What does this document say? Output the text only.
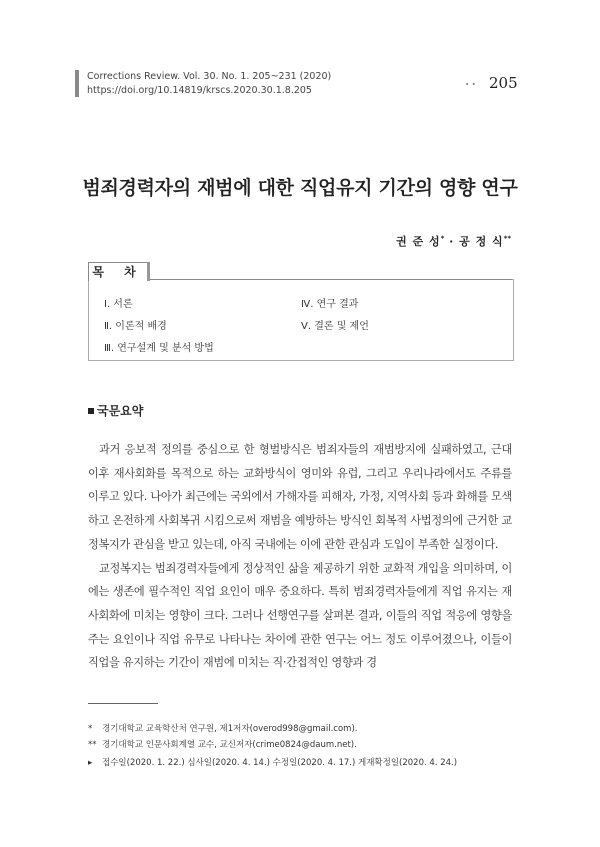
Corrections Review. Vol. 30. No. 1. 205~231 (2020)
https://doi.org/10.14819/krscs.2020.30.1.8.205
∙ ∙ 205
범죄경력자의 재범에 대한 직업유지 기간의 영향 연구
권 준 성* · 공 정 식**
목 차
Ⅰ. 서론
Ⅱ. 이론적 배경
Ⅲ. 연구설계 및 분석 방법
Ⅳ. 연구 결과
Ⅴ. 결론 및 제언
국문요약

과거 응보적 정의를 중심으로 한 형벌방식은 범죄자들의 재범방지에 실패하였고, 근대 이후 재사회화를 목적으로 하는 교화방식이 영미와 유럽, 그리고 우리나라에서도 주류를 이루고 있다. 나아가 최근에는 국외에서 가해자를 피해자, 가정, 지역사회 등과 화해를 모색하고 온전하게 사회복귀 시킴으로써 재범을 예방하는 방식인 회복적 사법정의에 근거한 교정복지가 관심을 받고 있는데, 아직 국내에는 이에 관한 관심과 도입이 부족한 실정이다.

교정복지는 범죄경력자들에게 정상적인 삶을 제공하기 위한 교화적 개입을 의미하며, 이에는 생존에 필수적인 직업 요인이 매우 중요하다. 특히 범죄경력자들에게 직업 유지는 재사회화에 미치는 영향이 크다. 그러나 선행연구를 살펴본 결과, 이들의 직업 적응에 영향을 주는 요인이나 직업 유무로 나타나는 차이에 관한 연구는 어느 정도 이루어졌으나, 이들이 직업을 유지하는 기간이 재범에 미치는 직·간접적인 영향과 경

* 경기대학교 교육학산처 연구원, 제1저자(overod998@gmail.com).
** 경기대학교 인문사회계열 교수, 교신저자(crime0824@daum.net).
▸ 접수일(2020. 1. 22.) 심사일(2020. 4. 14.) 수정일(2020. 4. 17.) 게재확정일(2020. 4. 24.)
